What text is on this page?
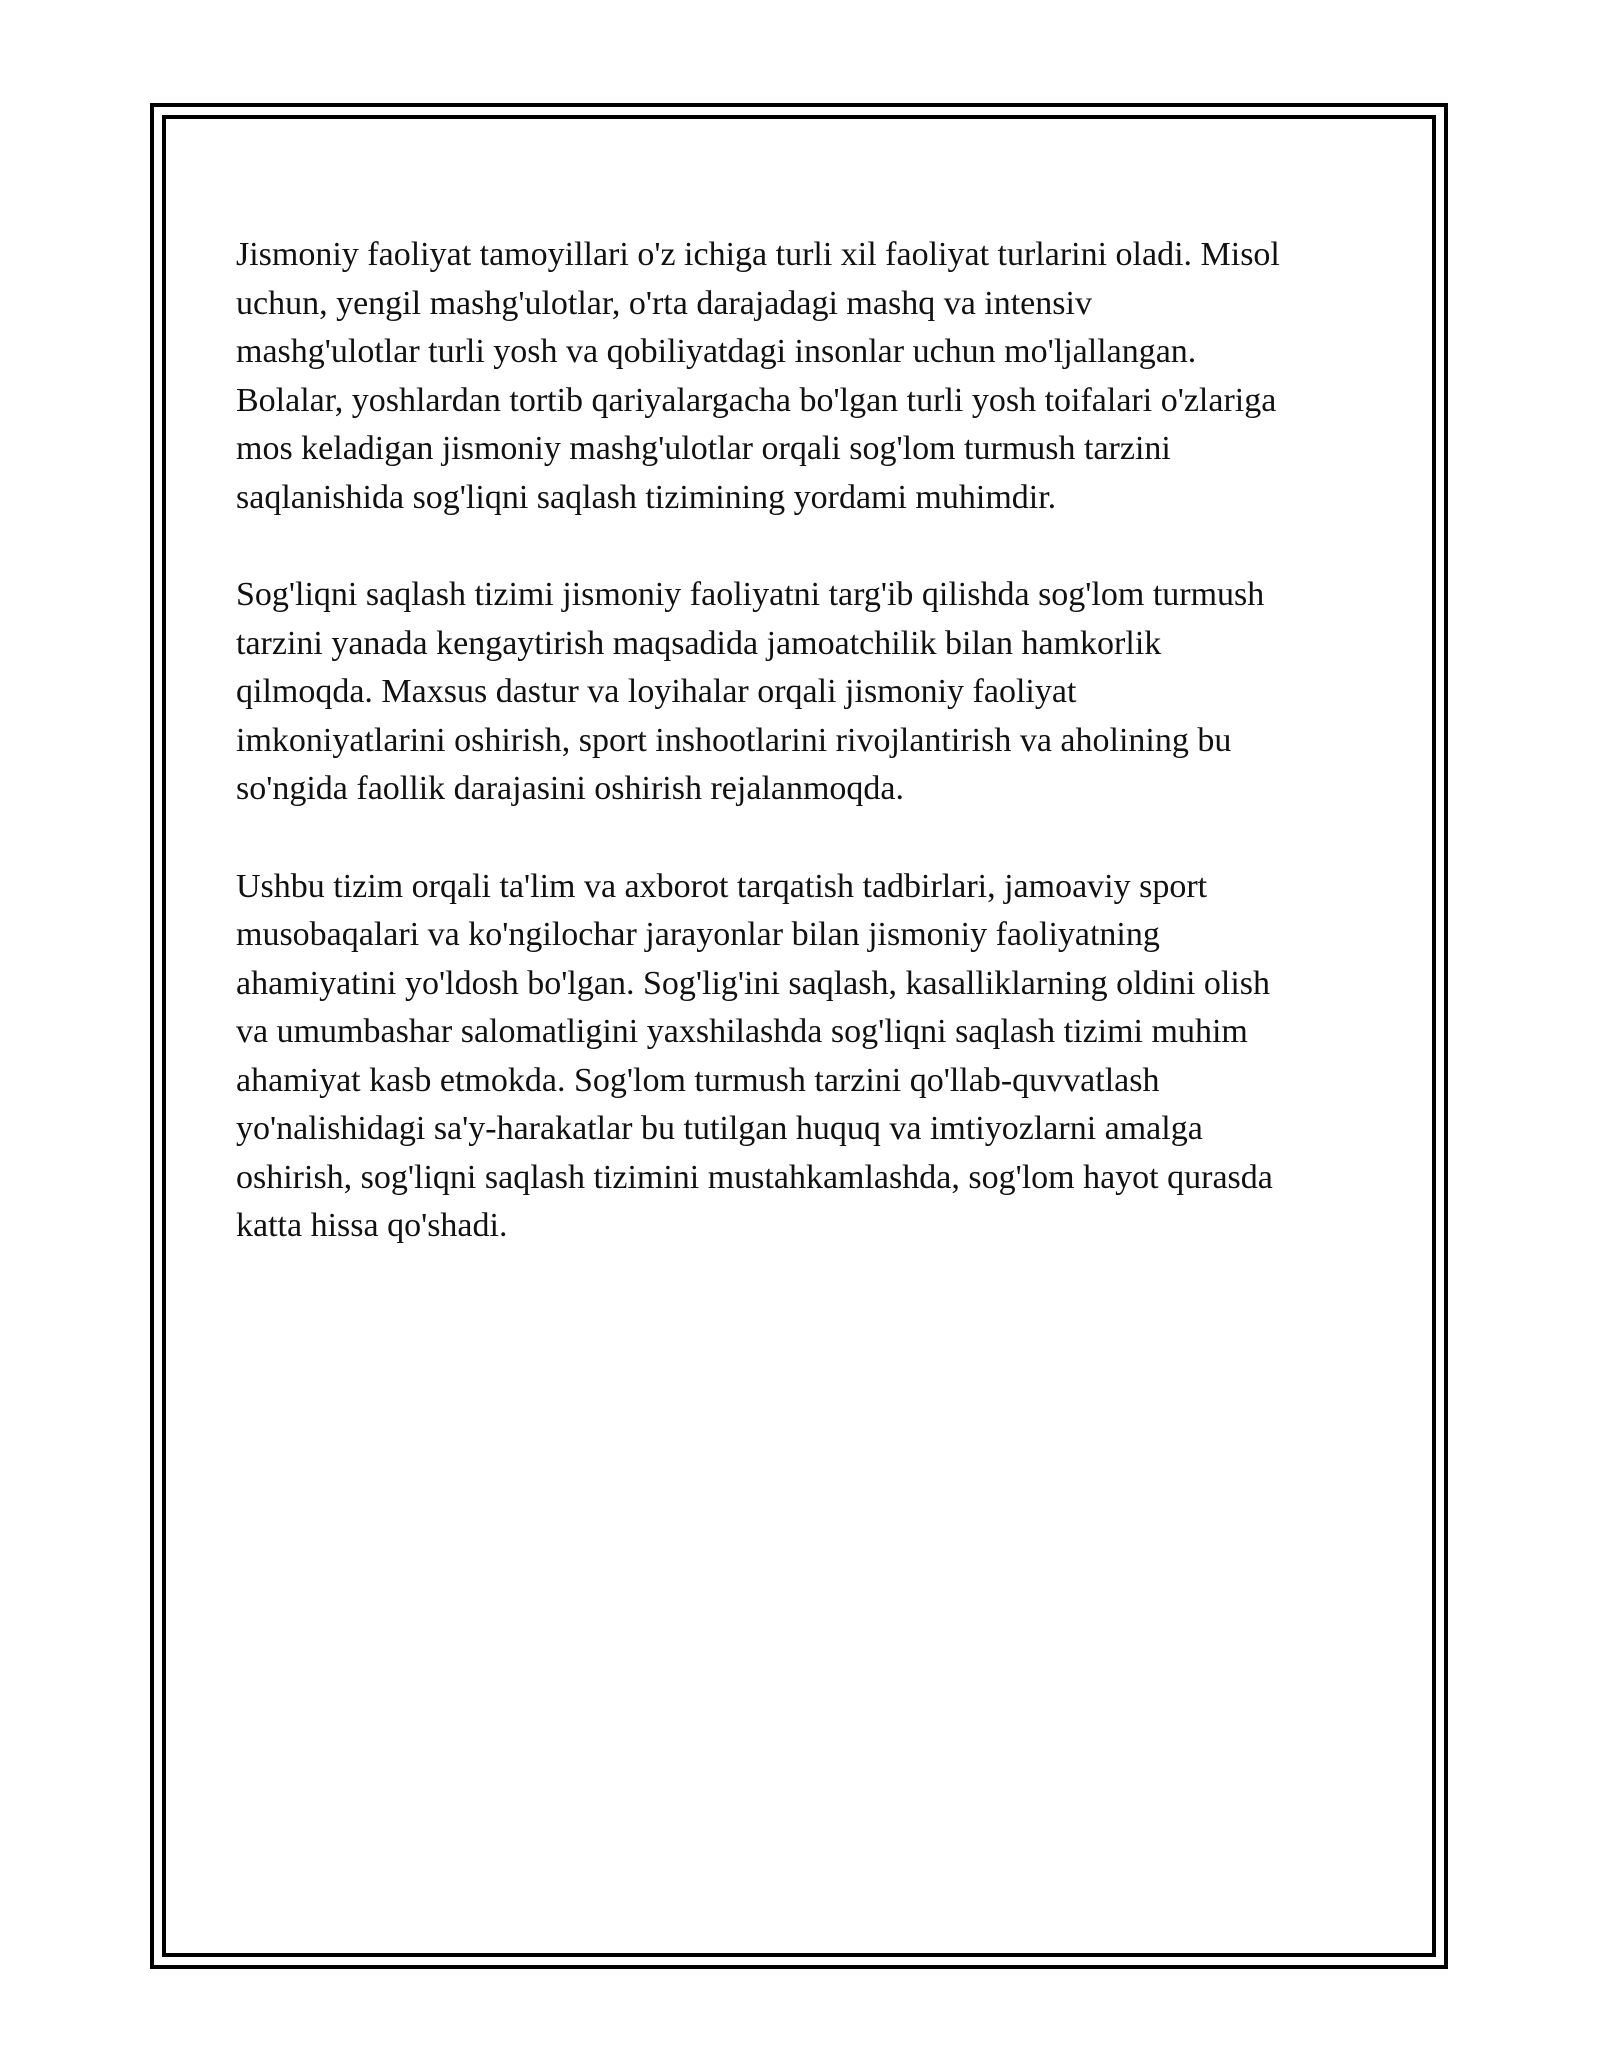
Jismoniy faoliyat tamoyillari o'z ichiga turli xil faoliyat turlarini oladi. Misol
uchun, yengil mashg'ulotlar, o'rta darajadagi mashq va intensiv
mashg'ulotlar turli yosh va qobiliyatdagi insonlar uchun mo'ljallangan.
Bolalar, yoshlardan tortib qariyalargacha bo'lgan turli yosh toifalari o'zlariga
mos keladigan jismoniy mashg'ulotlar orqali sog'lom turmush tarzini
saqlanishida sog'liqni saqlash tizimining yordami muhimdir.

Sog'liqni saqlash tizimi jismoniy faoliyatni targ'ib qilishda sog'lom turmush
tarzini yanada kengaytirish maqsadida jamoatchilik bilan hamkorlik
qilmoqda. Maxsus dastur va loyihalar orqali jismoniy faoliyat
imkoniyatlarini oshirish, sport inshootlarini rivojlantirish va aholining bu
so'ngida faollik darajasini oshirish rejalanmoqda.

Ushbu tizim orqali ta'lim va axborot tarqatish tadbirlari, jamoaviy sport
musobaqalari va ko'ngilochar jarayonlar bilan jismoniy faoliyatning
ahamiyatini yo'ldosh bo'lgan. Sog'lig'ini saqlash, kasalliklarning oldini olish
va umumbashar salomatligini yaxshilashda sog'liqni saqlash tizimi muhim
ahamiyat kasb etmokda. Sog'lom turmush tarzini qo'llab-quvvatlash
yo'nalishidagi sa'y-harakatlar bu tutilgan huquq va imtiyozlarni amalga
oshirish, sog'liqni saqlash tizimini mustahkamlashda, sog'lom hayot qurasda
katta hissa qo'shadi.
